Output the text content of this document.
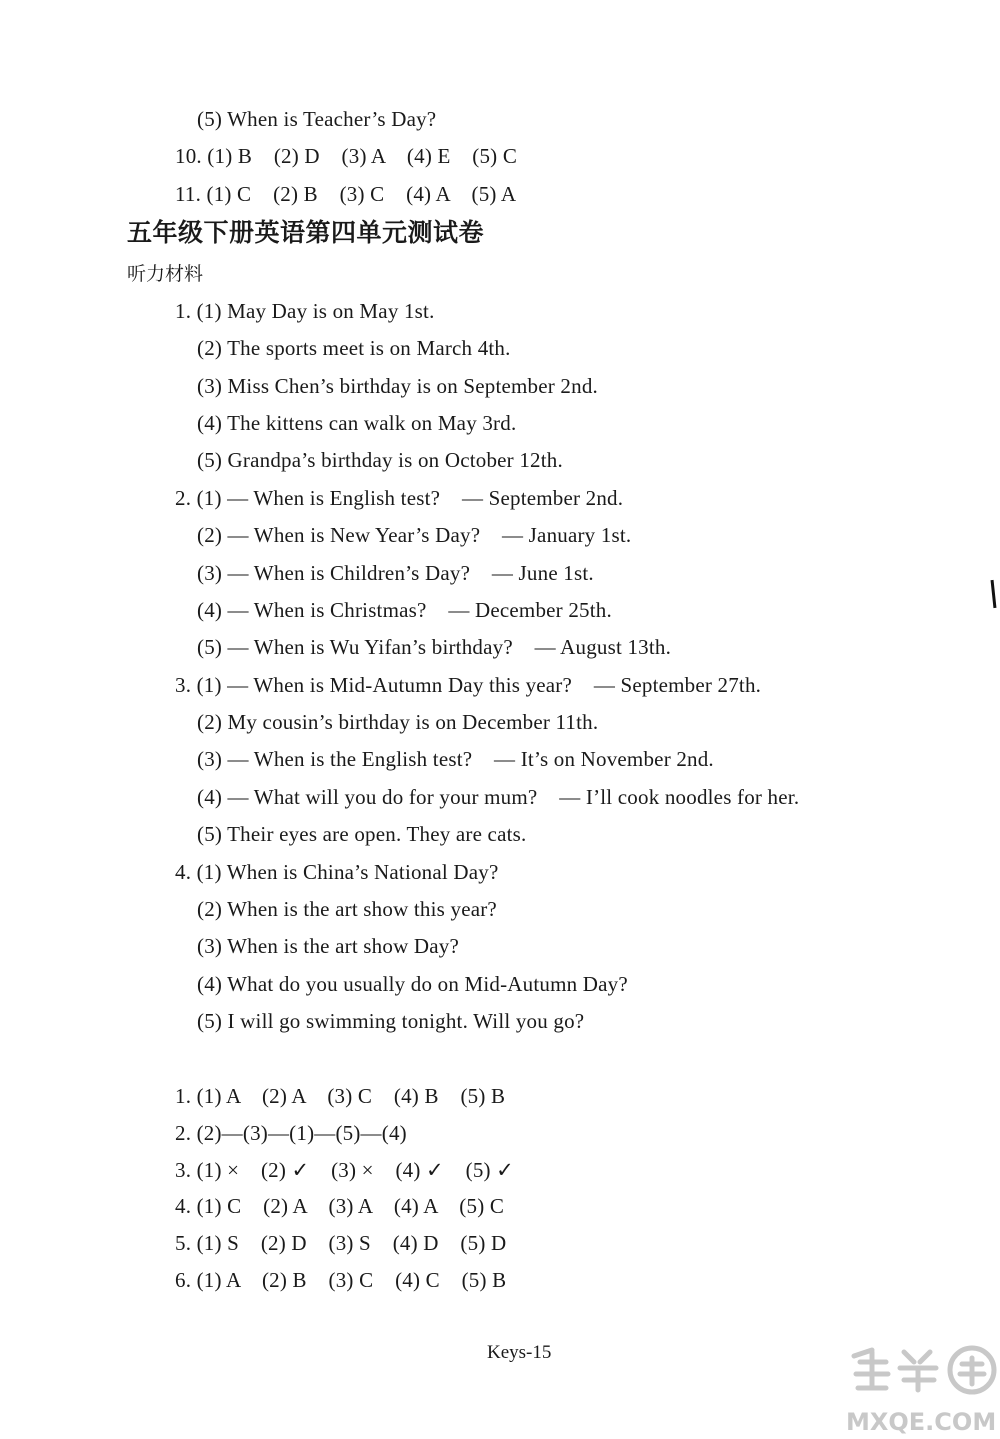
(5) When is Teacher’s Day?
10. (1) B    (2) D    (3) A    (4) E    (5) C
11. (1) C    (2) B    (3) C    (4) A    (5) A
五年级下册英语第四单元测试卷
听力材料
1. (1) May Day is on May 1st.
(2) The sports meet is on March 4th.
(3) Miss Chen’s birthday is on September 2nd.
(4) The kittens can walk on May 3rd.
(5) Grandpa’s birthday is on October 12th.
2. (1) — When is English test?    — September 2nd.
(2) — When is New Year’s Day?    — January 1st.
(3) — When is Children’s Day?    — June 1st.
(4) — When is Christmas?    — December 25th.
(5) — When is Wu Yifan’s birthday?    — August 13th.
3. (1) — When is Mid-Autumn Day this year?    — September 27th.
(2) My cousin’s birthday is on December 11th.
(3) — When is the English test?    — It’s on November 2nd.
(4) — What will you do for your mum?    — I’ll cook noodles for her.
(5) Their eyes are open. They are cats.
4. (1) When is China’s National Day?
(2) When is the art show this year?
(3) When is the art show Day?
(4) What do you usually do on Mid-Autumn Day?
(5) I will go swimming tonight. Will you go?
1. (1) A    (2) A    (3) C    (4) B    (5) B
2. (2)—(3)—(1)—(5)—(4)
3. (1) ×    (2) ✓    (3) ×    (4) ✓    (5) ✓
4. (1) C    (2) A    (3) A    (4) A    (5) C
5. (1) S    (2) D    (3) S    (4) D    (5) D
6. (1) A    (2) B    (3) C    (4) C    (5) B
Keys-15
MXQE.COM
